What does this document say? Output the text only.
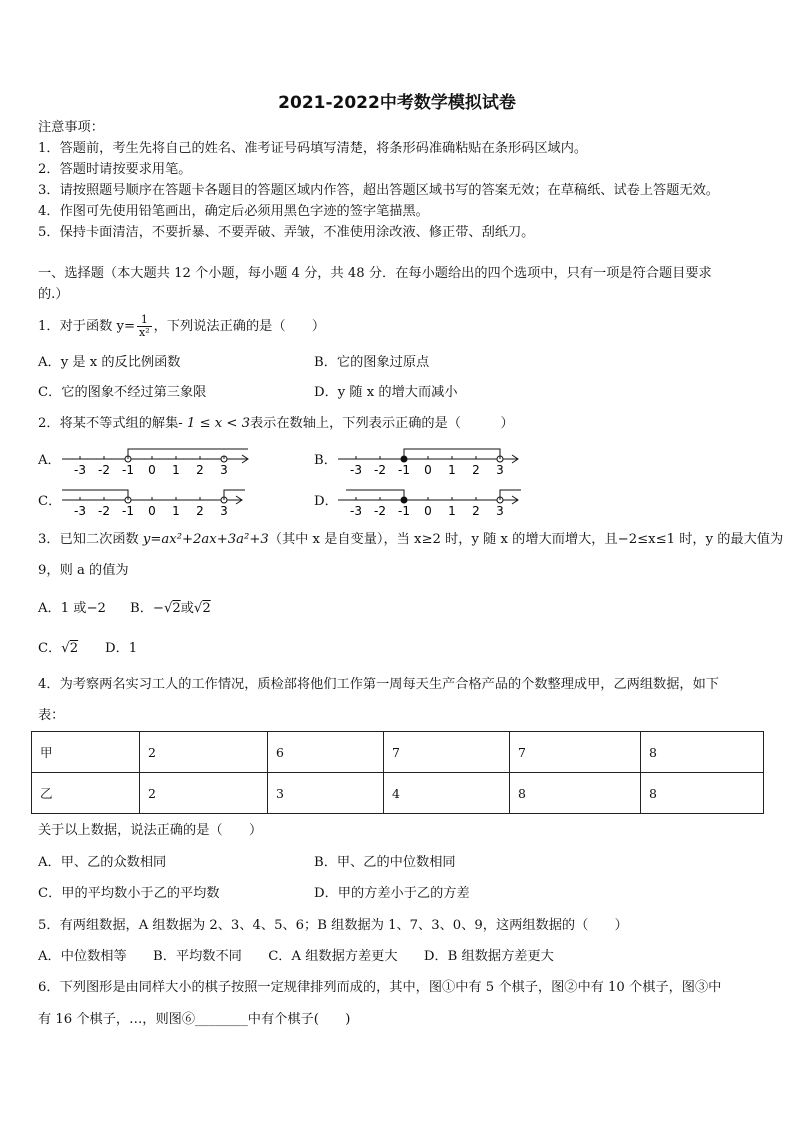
2021-2022中考数学模拟试卷
注意事项：
1．答题前，考生先将自己的姓名、准考证号码填写清楚，将条形码准确粘贴在条形码区域内。
2．答题时请按要求用笔。
3．请按照题号顺序在答题卡各题目的答题区域内作答，超出答题区域书写的答案无效；在草稿纸、试卷上答题无效。
4．作图可先使用铅笔画出，确定后必须用黑色字迹的签字笔描黑。
5．保持卡面清洁，不要折暴、不要弄破、弄皱，不准使用涂改液、修正带、刮纸刀。
一、选择题（本大题共 12 个小题，每小题 4 分，共 48 分．在每小题给出的四个选项中，只有一项是符合题目要求
的.）
1．对于函数 $y= \frac{1}{\text{x²}}$ ，下列说法正确的是（　　）
A．y 是 x 的反比例函数	B．它的图象过原点
C．它的图象不经过第三象限	D．y 随 x 的增大而减小
2．将某不等式组的解集- 1 ≤ x < 3表示在数轴上，下列表示正确的是（　　　）
A．
-3 -2 -1 0 1 2 3
B．
-3 -2 -1 0 1 2 3
C．
-3 -2 -1 0 1 2 3
D．
-3 -2 -1 0 1 2 3
3．已知二次函数 y=ax²+2ax+3a²+3（其中 x 是自变量），当 x≥2 时，y 随 x 的增大而增大，且−2≤x≤1 时，y 的最大值为
9，则 a 的值为
A．1 或−2 B．−√2或√2
C．√2 D．1
4．为考察两名实习工人的工作情况，质检部将他们工作第一周每天生产合格产品的个数整理成甲，乙两组数据，如下
表：
甲	2	6	7	7	8
乙	2	3	4	8	8
关于以上数据，说法正确的是（　　）
A．甲、乙的众数相同	B．甲、乙的中位数相同
C．甲的平均数小于乙的平均数	D．甲的方差小于乙的方差
5．有两组数据，A 组数据为 2、3、4、5、6；B 组数据为 1、7、3、0、9，这两组数据的（　　）
A．中位数相等　　B．平均数不同　　C．A 组数据方差更大　　D．B 组数据方差更大
6．下列图形是由同样大小的棋子按照一定规律排列而成的，其中，图①中有 5 个棋子，图②中有 10 个棋子，图③中
有 16 个棋子，…，则图⑥________中有个棋子(　　)
